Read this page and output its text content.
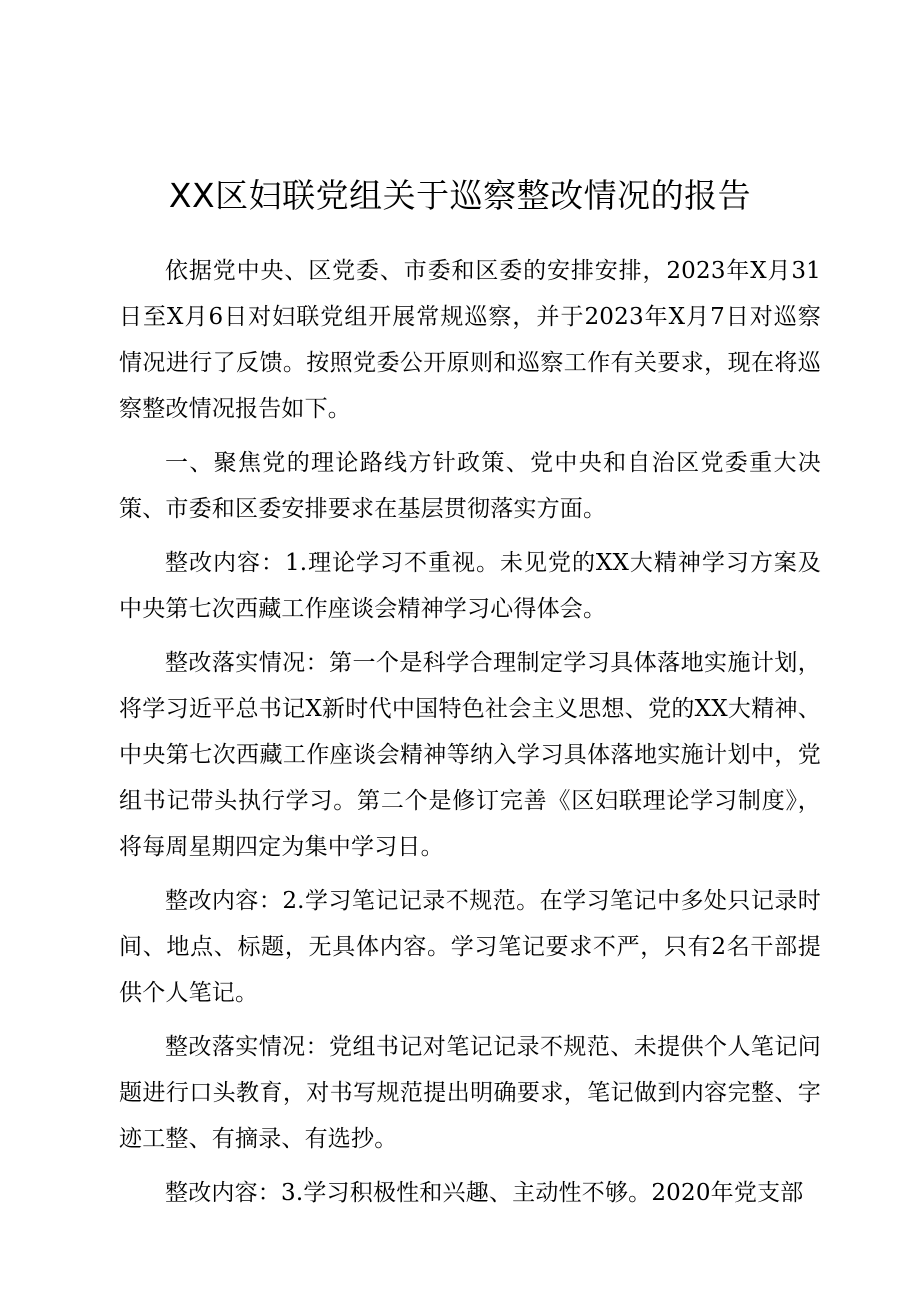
XX区妇联党组关于巡察整改情况的报告

依据党中央、区党委、市委和区委的安排安排，2023年X月31日至X月6日对妇联党组开展常规巡察，并于2023年X月7日对巡察情况进行了反馈。按照党委公开原则和巡察工作有关要求，现在将巡察整改情况报告如下。

一、聚焦党的理论路线方针政策、党中央和自治区党委重大决策、市委和区委安排要求在基层贯彻落实方面。

整改内容：1.理论学习不重视。未见党的XX大精神学习方案及中央第七次西藏工作座谈会精神学习心得体会。

整改落实情况：第一个是科学合理制定学习具体落地实施计划，将学习近平总书记X新时代中国特色社会主义思想、党的XX大精神、中央第七次西藏工作座谈会精神等纳入学习具体落地实施计划中，党组书记带头执行学习。第二个是修订完善《区妇联理论学习制度》，将每周星期四定为集中学习日。

整改内容：2.学习笔记记录不规范。在学习笔记中多处只记录时间、地点、标题，无具体内容。学习笔记要求不严，只有2名干部提供个人笔记。

整改落实情况：党组书记对笔记记录不规范、未提供个人笔记问题进行口头教育，对书写规范提出明确要求，笔记做到内容完整、字迹工整、有摘录、有选抄。

整改内容：3.学习积极性和兴趣、主动性不够。2020年党支部
